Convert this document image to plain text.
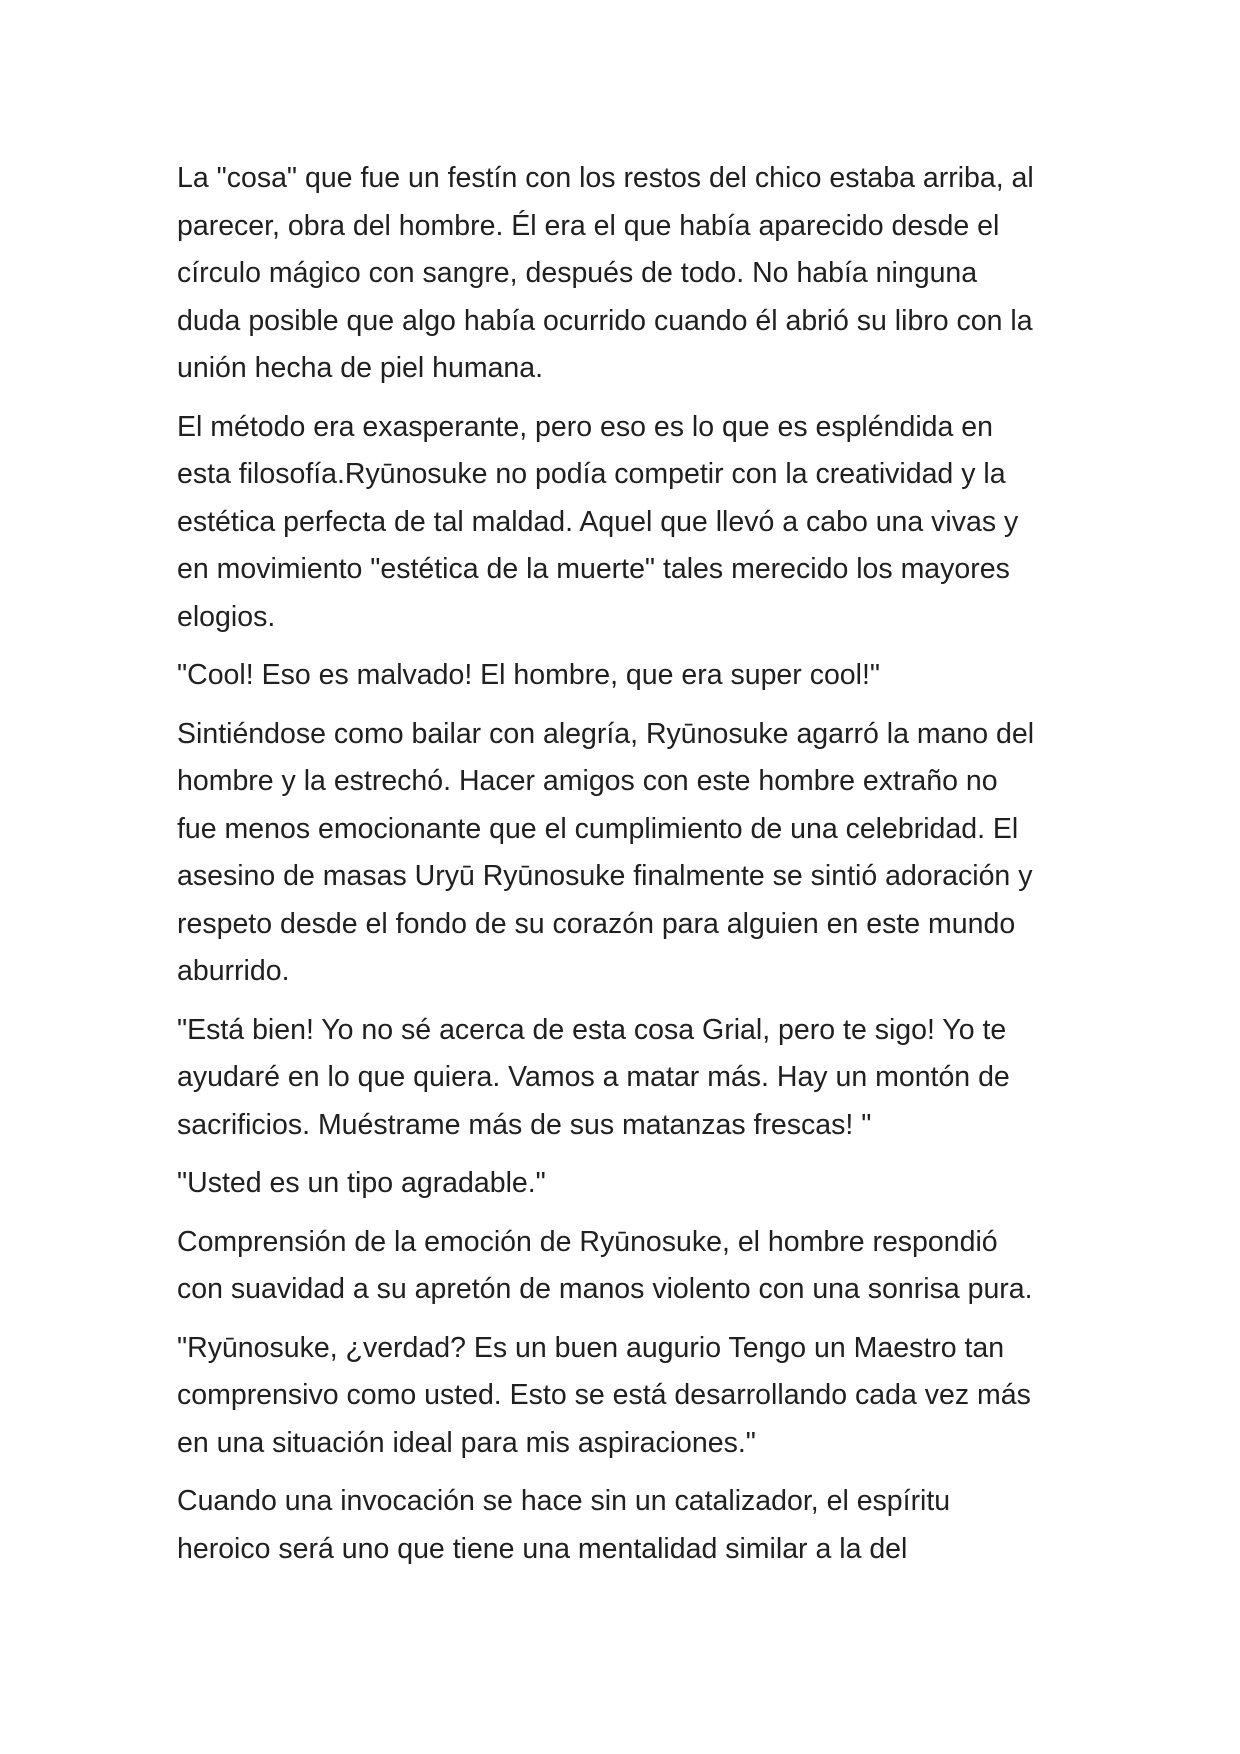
La "cosa" que fue un festín con los restos del chico estaba arriba, al
parecer, obra del hombre. Él era el que había aparecido desde el
círculo mágico con sangre, después de todo. No había ninguna
duda posible que algo había ocurrido cuando él abrió su libro con la
unión hecha de piel humana.

El método era exasperante, pero eso es lo que es espléndida en
esta filosofía.Ryūnosuke no podía competir con la creatividad y la
estética perfecta de tal maldad. Aquel que llevó a cabo una vivas y
en movimiento "estética de la muerte" tales merecido los mayores
elogios.

"Cool! Eso es malvado! El hombre, que era super cool!"

Sintiéndose como bailar con alegría, Ryūnosuke agarró la mano del
hombre y la estrechó. Hacer amigos con este hombre extraño no
fue menos emocionante que el cumplimiento de una celebridad. El
asesino de masas Uryū Ryūnosuke finalmente se sintió adoración y
respeto desde el fondo de su corazón para alguien en este mundo
aburrido.

"Está bien! Yo no sé acerca de esta cosa Grial, pero te sigo! Yo te
ayudaré en lo que quiera. Vamos a matar más. Hay un montón de
sacrificios. Muéstrame más de sus matanzas frescas! "

"Usted es un tipo agradable."

Comprensión de la emoción de Ryūnosuke, el hombre respondió
con suavidad a su apretón de manos violento con una sonrisa pura.

"Ryūnosuke, ¿verdad? Es un buen augurio Tengo un Maestro tan
comprensivo como usted. Esto se está desarrollando cada vez más
en una situación ideal para mis aspiraciones."

Cuando una invocación se hace sin un catalizador, el espíritu
heroico será uno que tiene una mentalidad similar a la del
